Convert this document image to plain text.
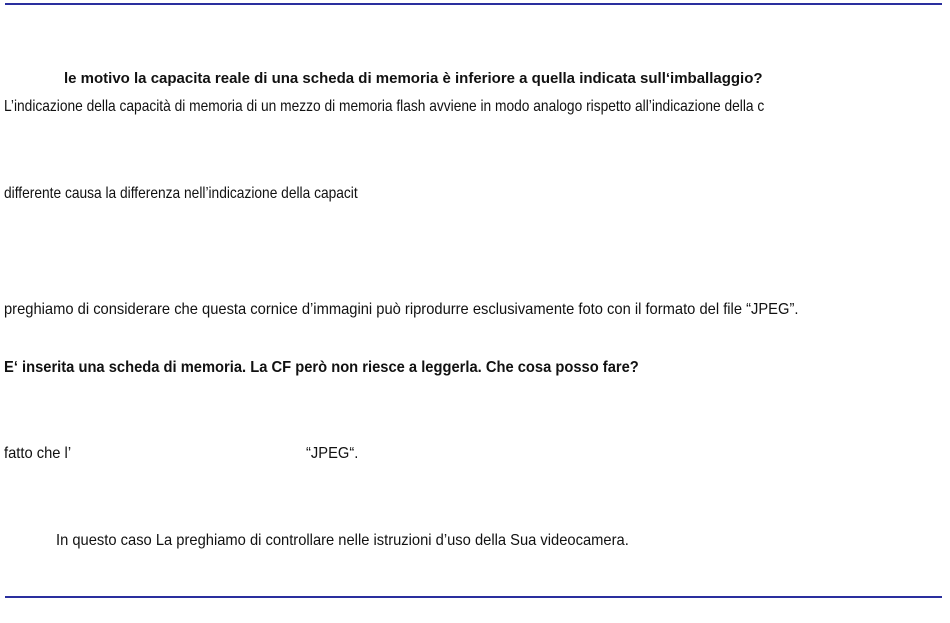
le motivo la capacita reale di una scheda di memoria è inferiore a quella indicata sull‘imballaggio?
L’indicazione della capacità di memoria di un mezzo di memoria flash avviene in modo analogo rispetto all’indicazione della c
differente causa la differenza nell’indicazione della capacit
preghiamo di considerare che questa cornice d’immagini può riprodurre esclusivamente foto con il formato del file “JPEG”.
E‘ inserita una scheda di memoria. La CF però non riesce a leggerla. Che cosa posso fare?
fatto che l’	“JPEG“.
In questo caso La preghiamo di controllare nelle istruzioni d’uso della Sua videocamera.
